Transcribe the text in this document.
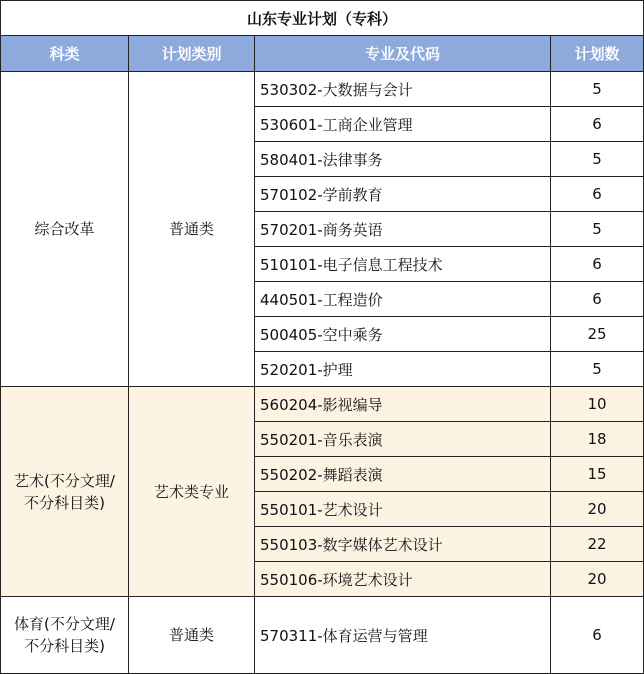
山东专业计划（专科）			
科类	计划类别	专业及代码	计划数
综合改革	普通类	530302-大数据与会计	5
		530601-工商企业管理	6
		580401-法律事务	5
		570102-学前教育	6
		570201-商务英语	5
		510101-电子信息工程技术	6
		440501-工程造价	6
		500405-空中乘务	25
		520201-护理	5

艺术(不分文理/
不分科目类)	艺术类专业	560204-影视编导	10
		550201-音乐表演	18
		550202-舞蹈表演	15
		550101-艺术设计	20
		550103-数字媒体艺术设计	22
		550106-环境艺术设计	20

体育(不分文理/
不分科目类)	普通类	570311-体育运营与管理	6
